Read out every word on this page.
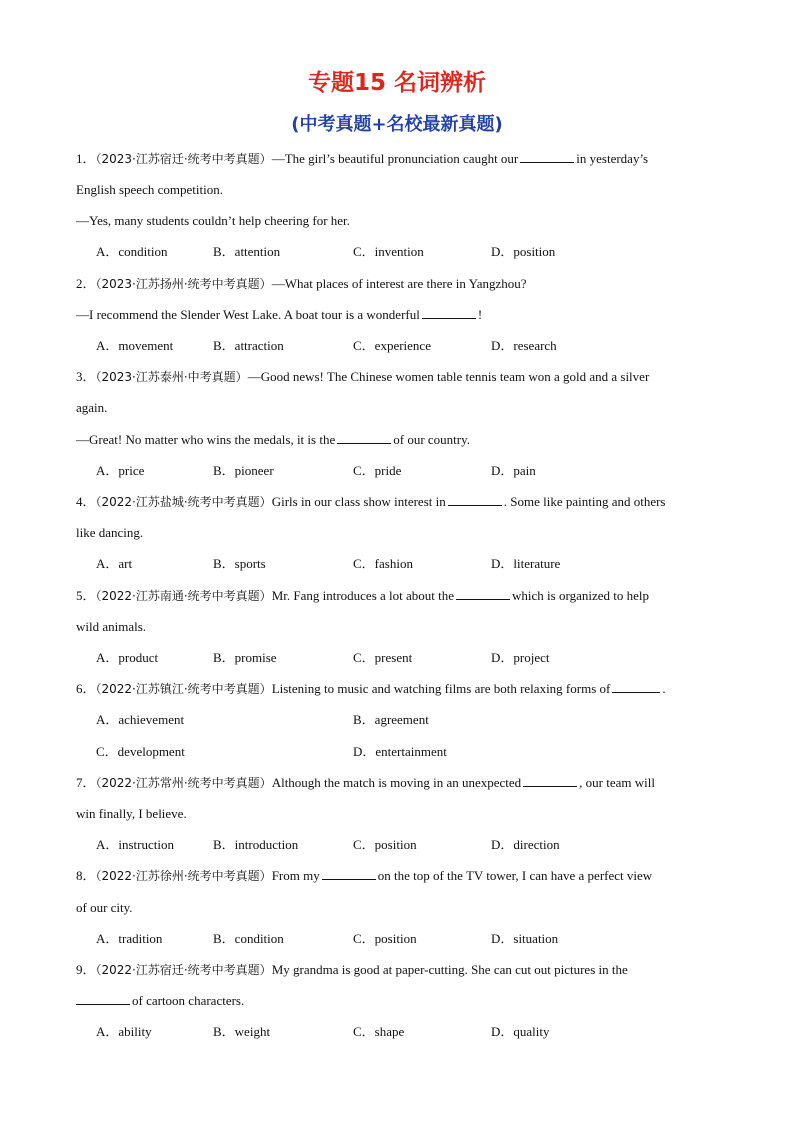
专题15 名词辨析
(中考真题+名校最新真题)
1．（2023·江苏宿迁·统考中考真题）—The girl’s beautiful pronunciation caught our	in yesterday’s
English speech competition.
—Yes, many students couldn’t help cheering for her.
A．condition	B．attention	C．invention	D．position
2．（2023·江苏扬州·统考中考真题）—What places of interest are there in Yangzhou?
—I recommend the Slender West Lake. A boat tour is a wonderful	!
A．movement	B．attraction	C．experience	D．research
3．（2023·江苏泰州·中考真题）—Good news! The Chinese women table tennis team won a gold and a silver
again.
—Great! No matter who wins the medals, it is the	of our country.
A．price	B．pioneer	C．pride	D．pain
4．（2022·江苏盐城·统考中考真题）Girls in our class show interest in	. Some like painting and others
like dancing.
A．art	B．sports	C．fashion	D．literature
5．（2022·江苏南通·统考中考真题）Mr. Fang introduces a lot about the	which is organized to help
wild animals.
A．product	B．promise	C．present	D．project
6．（2022·江苏镇江·统考中考真题）Listening to music and watching films are both relaxing forms of	.
A．achievement	B．agreement
C．development	D．entertainment
7．（2022·江苏常州·统考中考真题）Although the match is moving in an unexpected	, our team will
win finally, I believe.
A．instruction	B．introduction	C．position	D．direction
8．（2022·江苏徐州·统考中考真题）From my	on the top of the TV tower, I can have a perfect view
of our city.
A．tradition	B．condition	C．position	D．situation
9．（2022·江苏宿迁·统考中考真题）My grandma is good at paper-cutting. She can cut out pictures in the
of cartoon characters.
A．ability	B．weight	C．shape	D．quality
